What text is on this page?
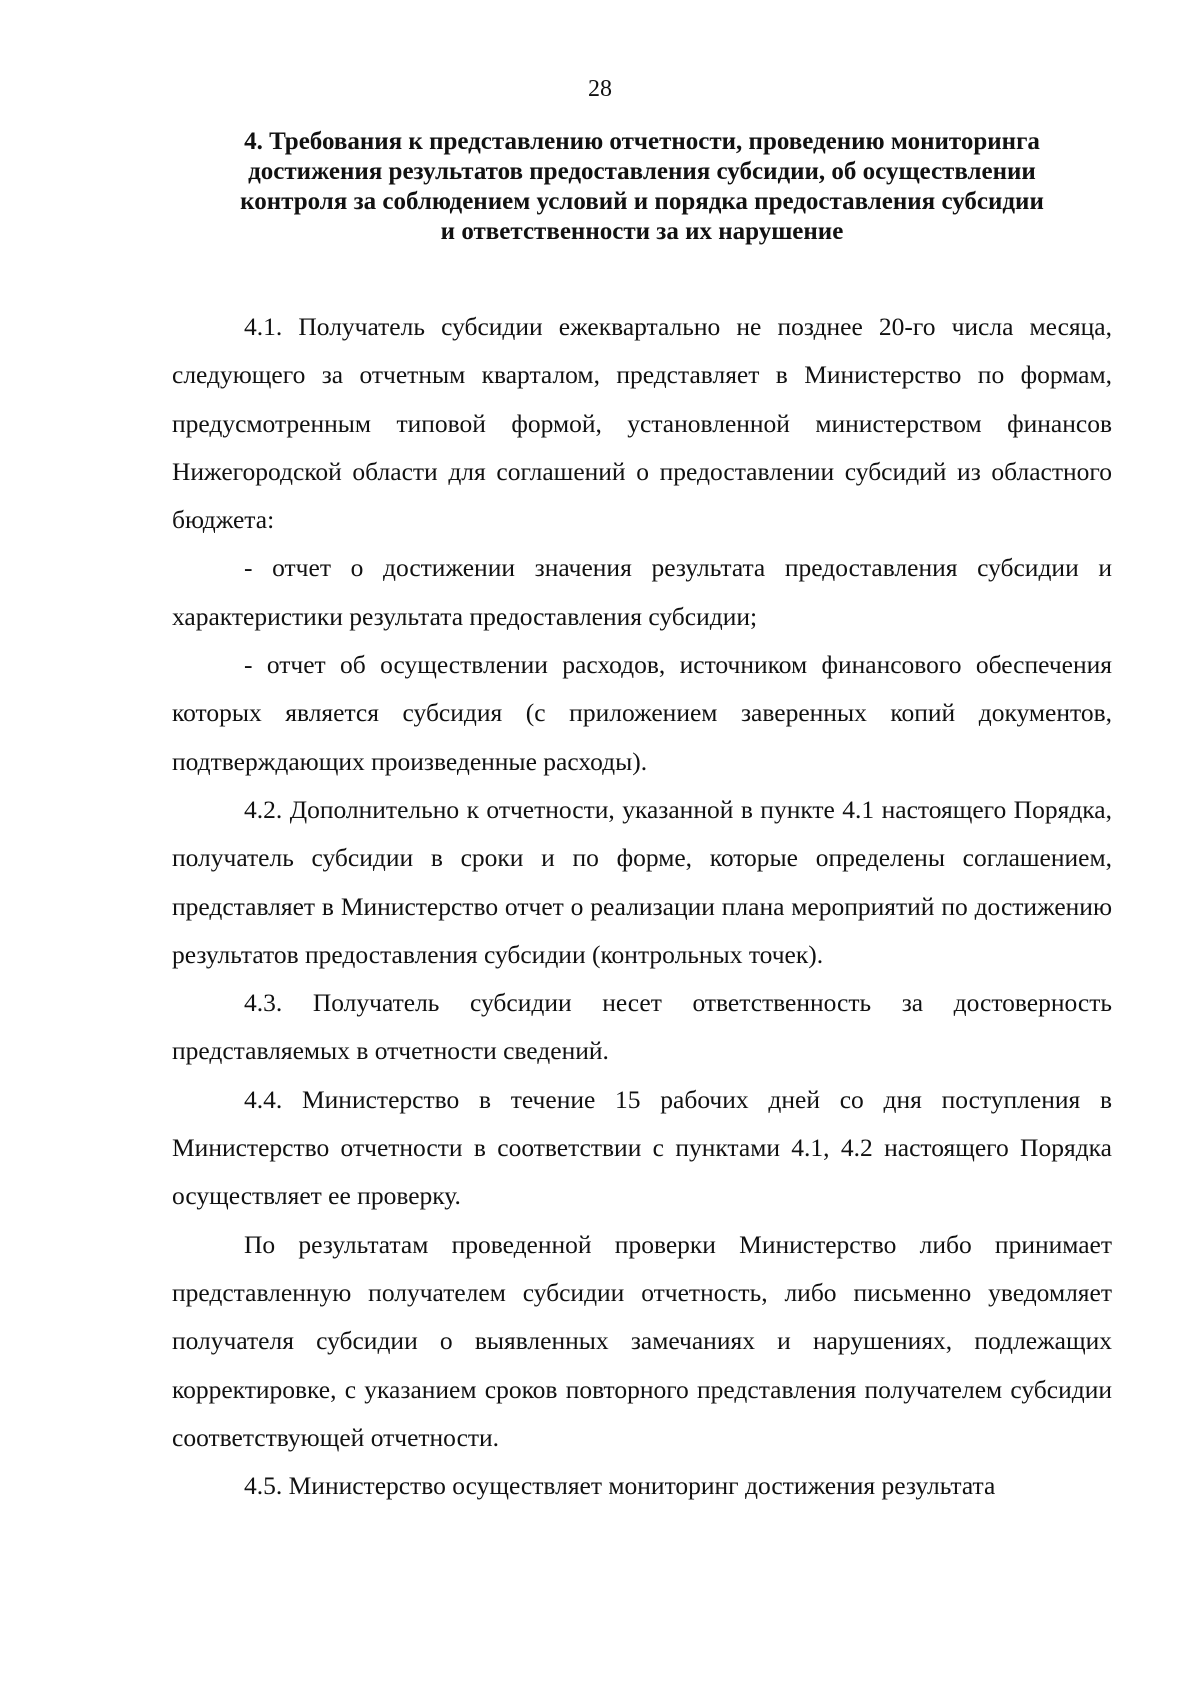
28
4. Требования к представлению отчетности, проведению мониторинга
достижения результатов предоставления субсидии, об осуществлении
контроля за соблюдением условий и порядка предоставления субсидии
и ответственности за их нарушение

4.1. Получатель субсидии ежеквартально не позднее 20-го числа месяца, следующего за отчетным кварталом, представляет в Министерство по формам, предусмотренным типовой формой, установленной министерством финансов Нижегородской области для соглашений о предоставлении субсидий из областного бюджета:

- отчет о достижении значения результата предоставления субсидии и характеристики результата предоставления субсидии;

- отчет об осуществлении расходов, источником финансового обеспечения которых является субсидия (с приложением заверенных копий документов, подтверждающих произведенные расходы).

4.2. Дополнительно к отчетности, указанной в пункте 4.1 настоящего Порядка, получатель субсидии в сроки и по форме, которые определены соглашением, представляет в Министерство отчет о реализации плана мероприятий по достижению результатов предоставления субсидии (контрольных точек).

4.3. Получатель субсидии несет ответственность за достоверность представляемых в отчетности сведений.

4.4. Министерство в течение 15 рабочих дней со дня поступления в Министерство отчетности в соответствии с пунктами 4.1, 4.2 настоящего Порядка осуществляет ее проверку.

По результатам проведенной проверки Министерство либо принимает представленную получателем субсидии отчетность, либо письменно уведомляет получателя субсидии о выявленных замечаниях и нарушениях, подлежащих корректировке, с указанием сроков повторного представления получателем субсидии соответствующей отчетности.

4.5. Министерство осуществляет мониторинг достижения результата
